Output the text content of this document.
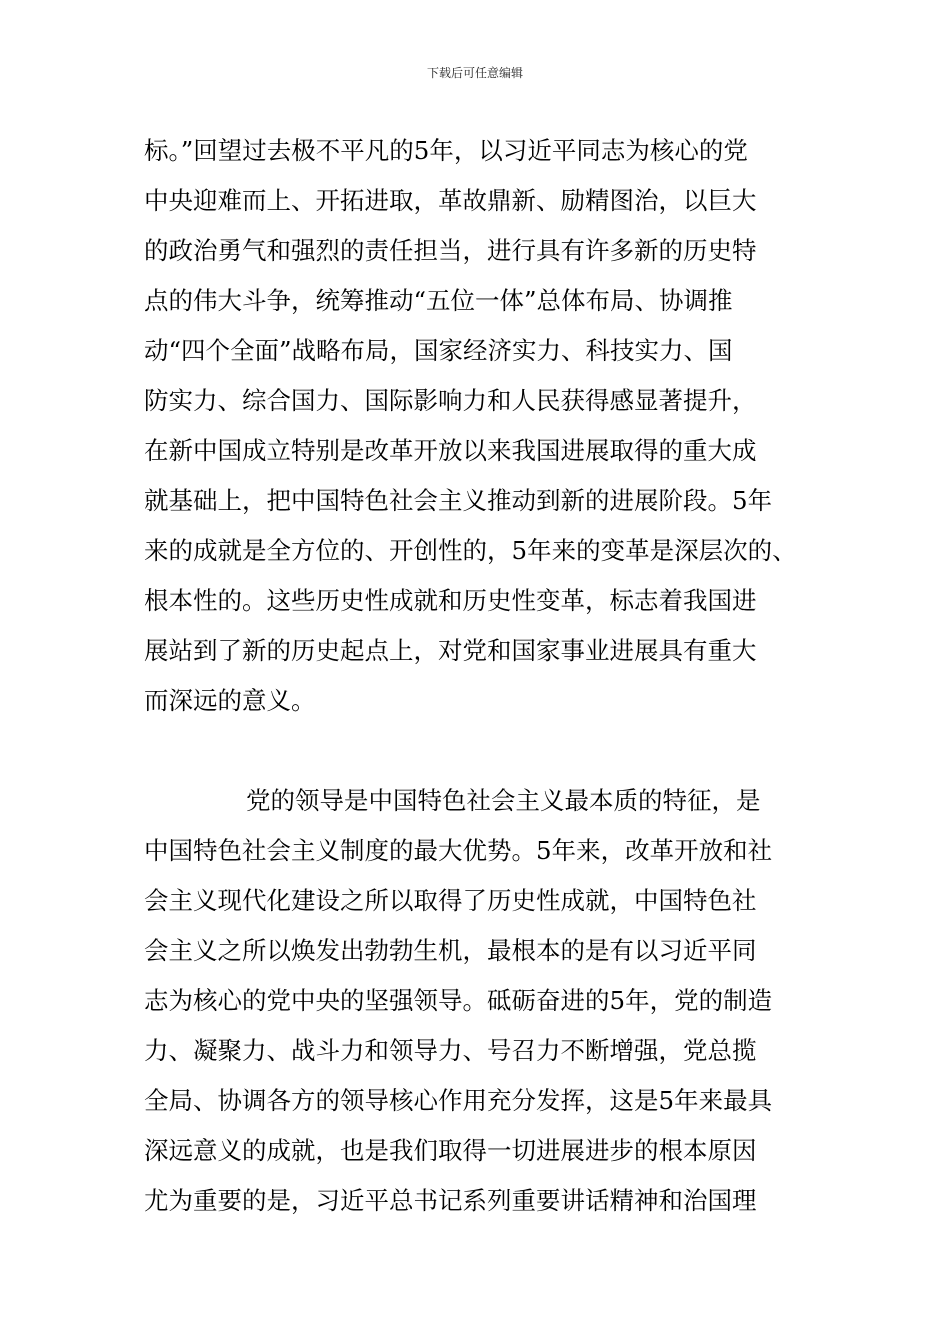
下载后可任意编辑
标。”回望过去极不平凡的5年，以习近平同志为核心的党
中央迎难而上、开拓进取，革故鼎新、励精图治，以巨大
的政治勇气和强烈的责任担当，进行具有许多新的历史特
点的伟大斗争，统筹推动“五位一体”总体布局、协调推
动“四个全面”战略布局，国家经济实力、科技实力、国
防实力、综合国力、国际影响力和人民获得感显著提升，
在新中国成立特别是改革开放以来我国进展取得的重大成
就基础上，把中国特色社会主义推动到新的进展阶段。5年
来的成就是全方位的、开创性的，5年来的变革是深层次的、
根本性的。这些历史性成就和历史性变革，标志着我国进
展站到了新的历史起点上，对党和国家事业进展具有重大
而深远的意义。
党的领导是中国特色社会主义最本质的特征，是
中国特色社会主义制度的最大优势。5年来，改革开放和社
会主义现代化建设之所以取得了历史性成就，中国特色社
会主义之所以焕发出勃勃生机，最根本的是有以习近平同
志为核心的党中央的坚强领导。砥砺奋进的5年，党的制造
力、凝聚力、战斗力和领导力、号召力不断增强，党总揽
全局、协调各方的领导核心作用充分发挥，这是5年来最具
深远意义的成就，也是我们取得一切进展进步的根本原因
尤为重要的是，习近平总书记系列重要讲话精神和治国理
